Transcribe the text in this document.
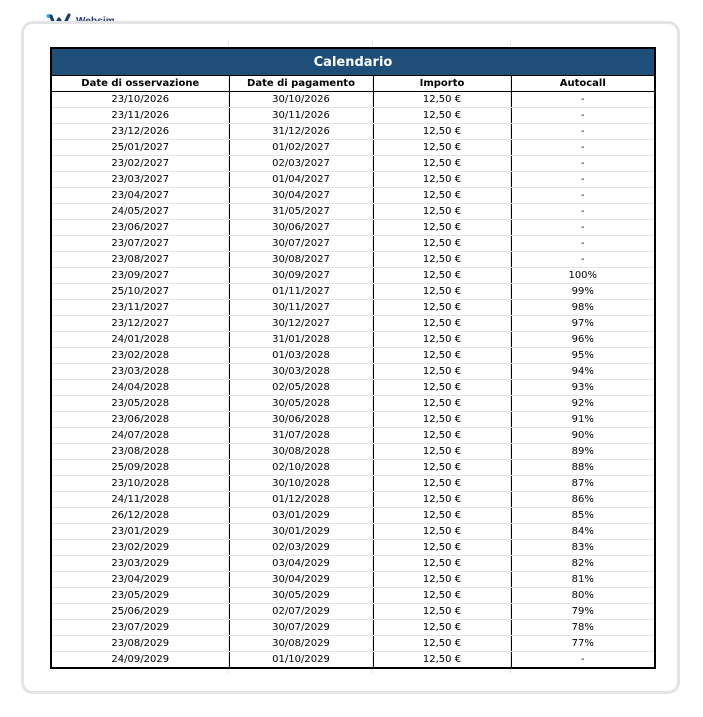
Calendario
Date di osservazione	Date di pagamento	Importo	Autocall
23/10/2026	30/10/2026	12,50 €	-
23/11/2026	30/11/2026	12,50 €	-
23/12/2026	31/12/2026	12,50 €	-
25/01/2027	01/02/2027	12,50 €	-
23/02/2027	02/03/2027	12,50 €	-
23/03/2027	01/04/2027	12,50 €	-
23/04/2027	30/04/2027	12,50 €	-
24/05/2027	31/05/2027	12,50 €	-
23/06/2027	30/06/2027	12,50 €	-
23/07/2027	30/07/2027	12,50 €	-
23/08/2027	30/08/2027	12,50 €	-
23/09/2027	30/09/2027	12,50 €	100%
25/10/2027	01/11/2027	12,50 €	99%
23/11/2027	30/11/2027	12,50 €	98%
23/12/2027	30/12/2027	12,50 €	97%
24/01/2028	31/01/2028	12,50 €	96%
23/02/2028	01/03/2028	12,50 €	95%
23/03/2028	30/03/2028	12,50 €	94%
24/04/2028	02/05/2028	12,50 €	93%
23/05/2028	30/05/2028	12,50 €	92%
23/06/2028	30/06/2028	12,50 €	91%
24/07/2028	31/07/2028	12,50 €	90%
23/08/2028	30/08/2028	12,50 €	89%
25/09/2028	02/10/2028	12,50 €	88%
23/10/2028	30/10/2028	12,50 €	87%
24/11/2028	01/12/2028	12,50 €	86%
26/12/2028	03/01/2029	12,50 €	85%
23/01/2029	30/01/2029	12,50 €	84%
23/02/2029	02/03/2029	12,50 €	83%
23/03/2029	03/04/2029	12,50 €	82%
23/04/2029	30/04/2029	12,50 €	81%
23/05/2029	30/05/2029	12,50 €	80%
25/06/2029	02/07/2029	12,50 €	79%
23/07/2029	30/07/2029	12,50 €	78%
23/08/2029	30/08/2029	12,50 €	77%
24/09/2029	01/10/2029	12,50 €	-
